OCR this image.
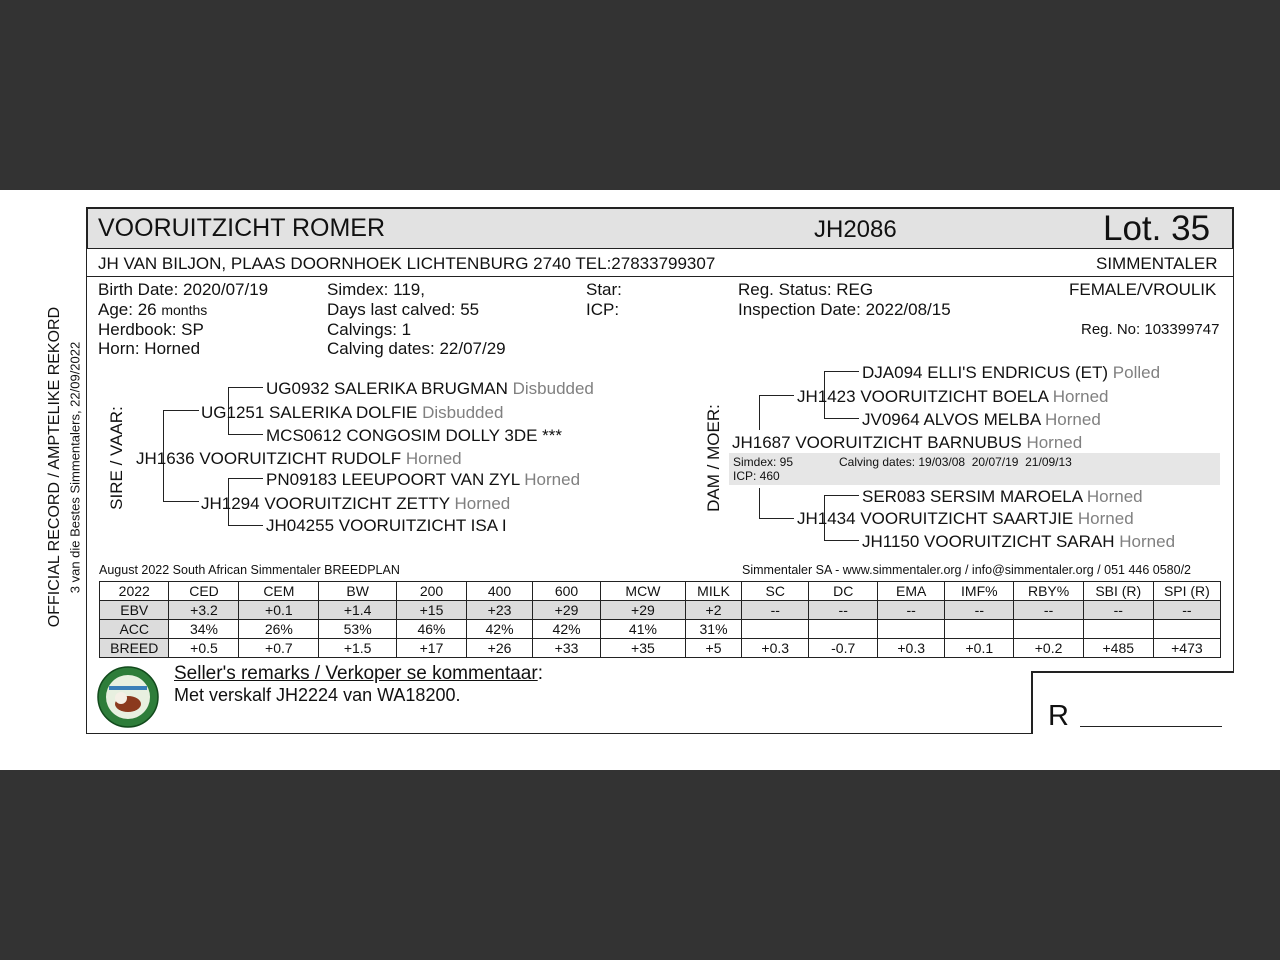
VOORUITZICHT ROMER	JH2086	Lot. 35
JH VAN BILJON, PLAAS DOORNHOEK LICHTENBURG 2740 TEL:27833799307	SIMMENTALER
OFFICIAL RECORD / AMPTELIKE REKORD 3 van die Bestes Simmentalers, 22/09/2022
Birth Date: 2020/07/19
Age: 26 months
Herdbook: SP
Horn: Horned
Simdex: 119,
Days last calved: 55
Calvings: 1
Calving dates: 22/07/29
Star:
ICP:
Reg. Status: REG
Inspection Date: 2022/08/15
FEMALE/VROULIK
Reg. No: 103399747
SIRE / VAAR:
UG0932 SALERIKA BRUGMAN Disbudded
UG1251 SALERIKA DOLFIE Disbudded
MCS0612 CONGOSIM DOLLY 3DE ***
JH1636 VOORUITZICHT RUDOLF Horned
PN09183 LEEUPOORT VAN ZYL Horned
JH1294 VOORUITZICHT ZETTY Horned
JH04255 VOORUITZICHT ISA I
DAM / MOER:
DJA094 ELLI'S ENDRICUS (ET) Polled
JH1423 VOORUITZICHT BOELA Horned
JV0964 ALVOS MELBA Horned
JH1687 VOORUITZICHT BARNUBUS Horned
Simdex: 95	Calving dates: 19/03/08  20/07/19  21/09/13
ICP: 460
SER083 SERSIM MAROELA Horned
JH1434 VOORUITZICHT SAARTJIE Horned
JH1150 VOORUITZICHT SARAH Horned
August 2022 South African Simmentaler BREEDPLAN	Simmentaler SA - www.simmentaler.org / info@simmentaler.org / 051 446 0580/2
2022	CED	CEM	BW	200	400	600	MCW	MILK	SC	DC	EMA	IMF%	RBY%	SBI (R)	SPI (R)
EBV	+3.2	+0.1	+1.4	+15	+23	+29	+29	+2	--	--	--	--	--	--	--
ACC	34%	26%	53%	46%	42%	42%	41%	31%							
BREED	+0.5	+0.7	+1.5	+17	+26	+33	+35	+5	+0.3	-0.7	+0.3	+0.1	+0.2	+485	+473
Seller's remarks / Verkoper se kommentaar:
Met verskalf JH2224 van WA18200.
R
